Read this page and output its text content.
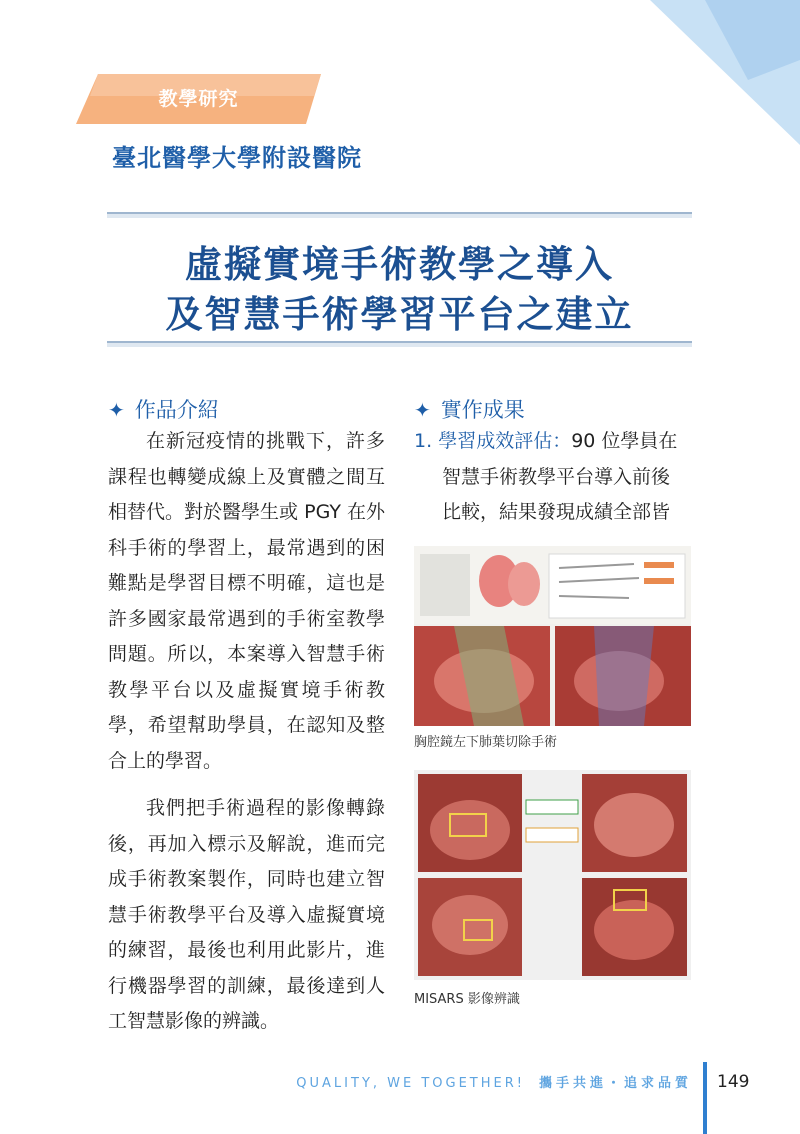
教學研究
臺北醫學大學附設醫院
虛擬實境手術教學之導入
及智慧手術學習平台之建立
✦ 作品介紹

在新冠疫情的挑戰下，許多課程也轉變成線上及實體之間互相替代。對於醫學生或 PGY 在外科手術的學習上，最常遇到的困難點是學習目標不明確，這也是許多國家最常遇到的手術室教學問題。所以，本案導入智慧手術教學平台以及虛擬實境手術教學，希望幫助學員，在認知及整合上的學習。

我們把手術過程的影像轉錄後，再加入標示及解說，進而完成手術教案製作，同時也建立智慧手術教學平台及導入虛擬實境的練習，最後也利用此影片，進行機器學習的訓練，最後達到人工智慧影像的辨識。

✦ 實作成果
1. 學習成效評估：90 位學員在
智慧手術教學平台導入前後
比較，結果發現成績全部皆
胸腔鏡左下肺葉切除手術
MISARS 影像辨識
QUALITY, WE TOGETHER! 攜手共進・追求品質 149
